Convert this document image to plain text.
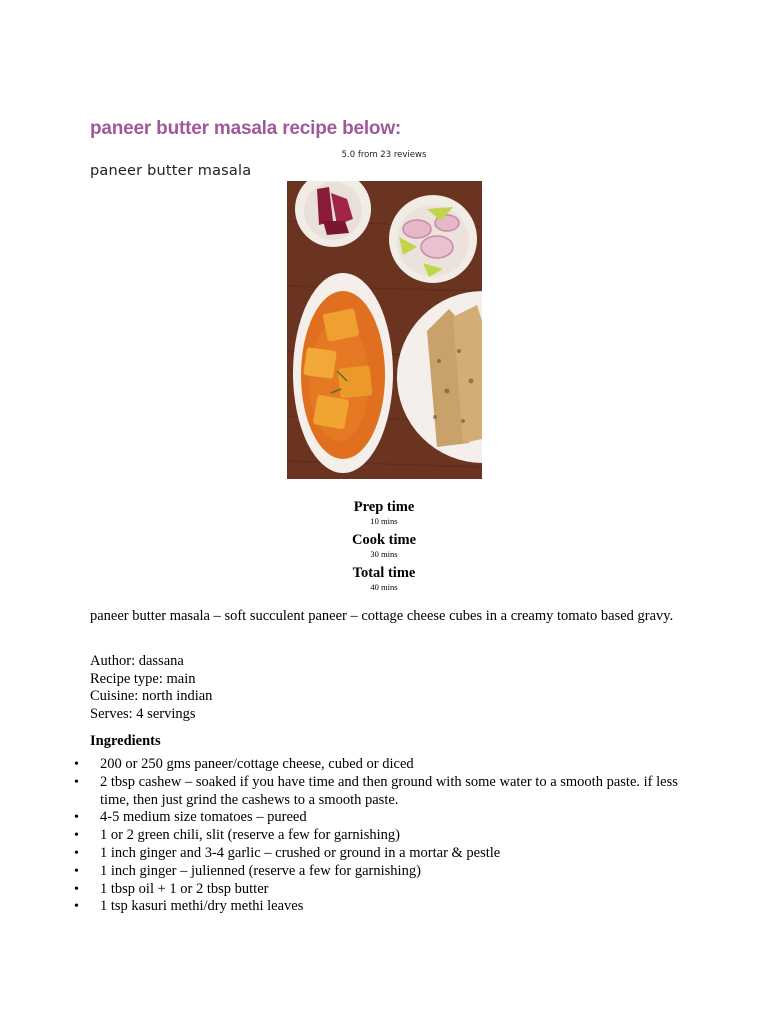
paneer butter masala recipe below:
5.0 from 23 reviews
paneer butter masala
Prep time
10 mins
Cook time
30 mins
Total time
40 mins

paneer butter masala – soft succulent paneer – cottage cheese cubes in a creamy tomato based gravy.

Author: dassana
Recipe type: main
Cuisine: north indian
Serves: 4 servings
Ingredients
• 200 or 250 gms paneer/cottage cheese, cubed or diced
• 2 tbsp cashew – soaked if you have time and then ground with some water to a smooth paste. if less time, then just grind the cashews to a smooth paste.
• 4-5 medium size tomatoes – pureed
• 1 or 2 green chili, slit (reserve a few for garnishing)
• 1 inch ginger and 3-4 garlic – crushed or ground in a mortar & pestle
• 1 inch ginger – julienned (reserve a few for garnishing)
• 1 tbsp oil + 1 or 2 tbsp butter
• 1 tsp kasuri methi/dry methi leaves
